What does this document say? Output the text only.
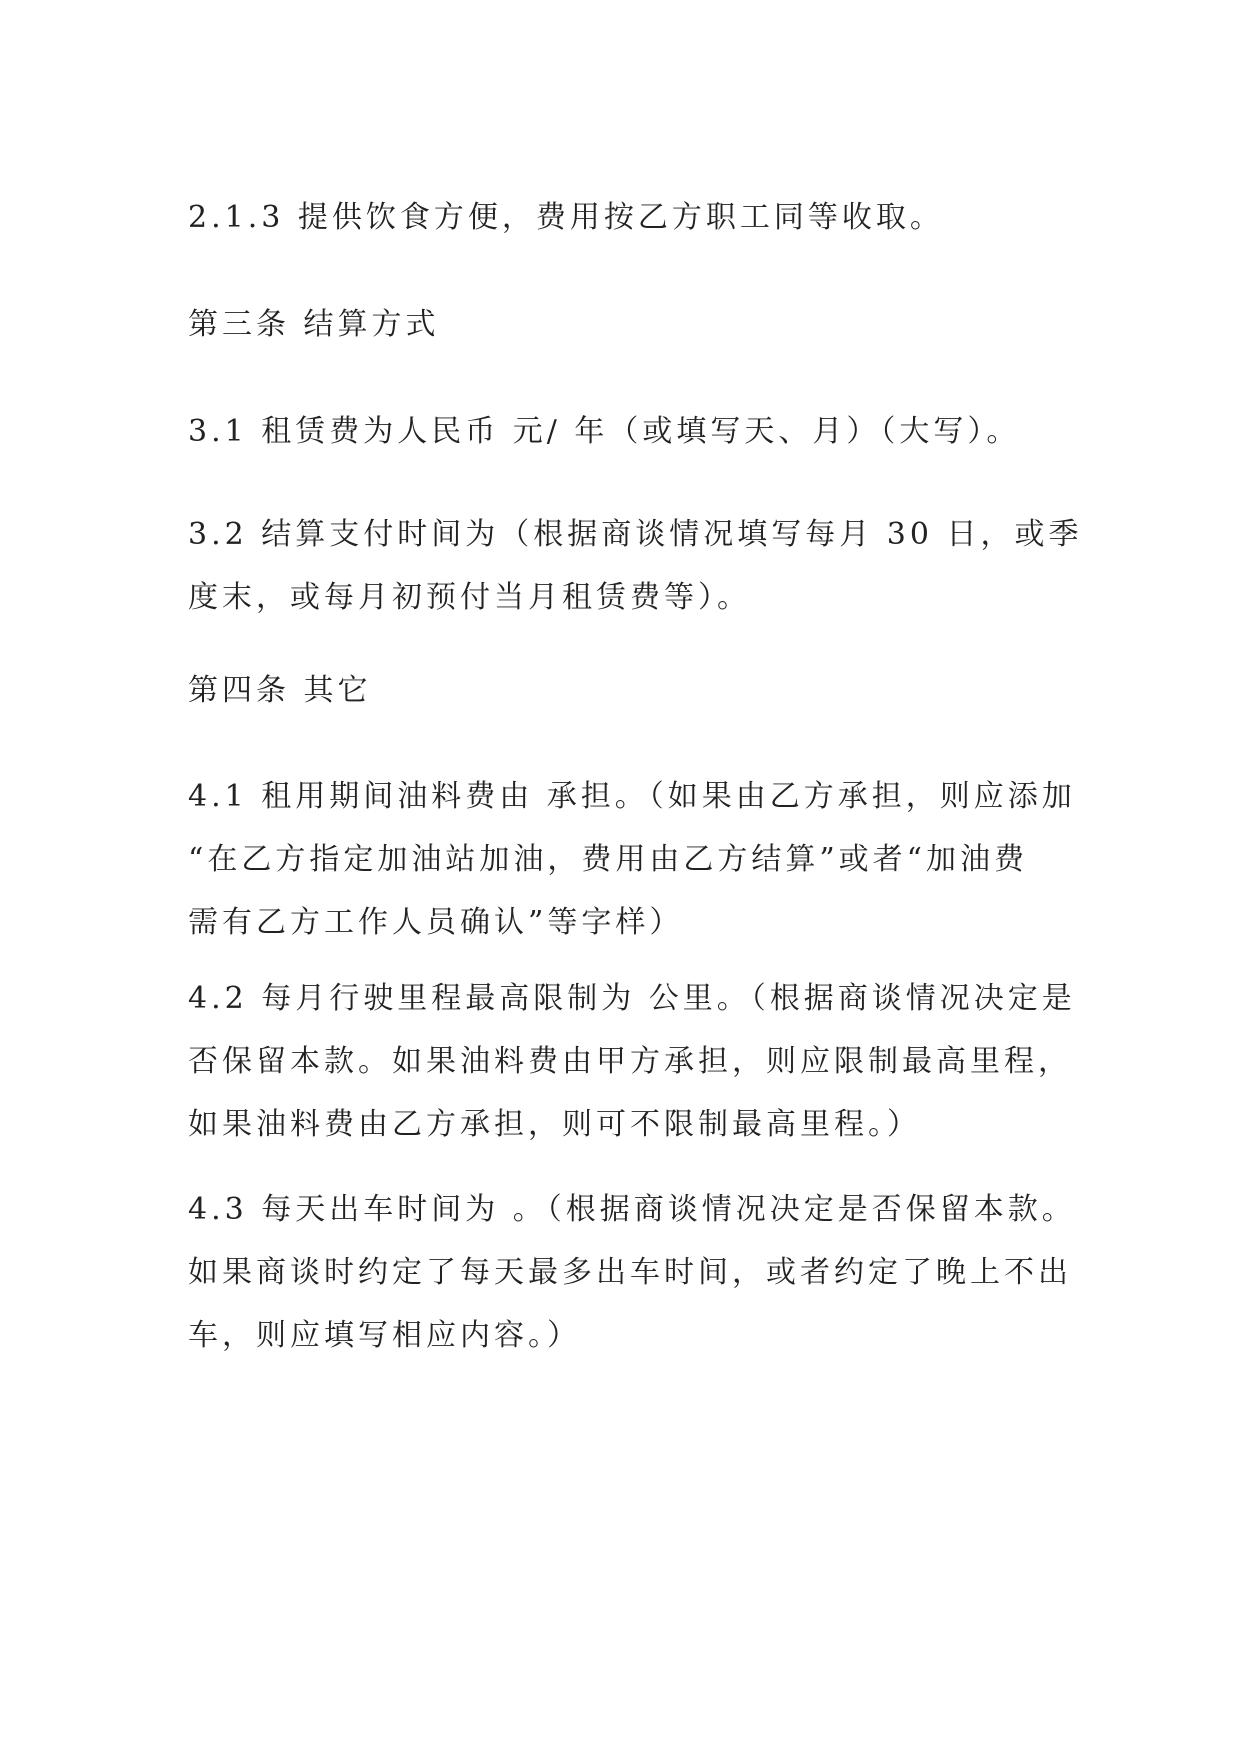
2.1.3 提供饮食方便，费用按乙方职工同等收取。

第三条 结算方式

3.1 租赁费为人民币 元/ 年（或填写天、月）（大写）。

3.2 结算支付时间为（根据商谈情况填写每月 30 日，或季
度末，或每月初预付当月租赁费等）。

第四条 其它

4.1 租用期间油料费由 承担。（如果由乙方承担，则应添加
“在乙方指定加油站加油，费用由乙方结算”或者“加油费
需有乙方工作人员确认”等字样）

4.2 每月行驶里程最高限制为 公里。（根据商谈情况决定是
否保留本款。如果油料费由甲方承担，则应限制最高里程，
如果油料费由乙方承担，则可不限制最高里程。）

4.3 每天出车时间为 。（根据商谈情况决定是否保留本款。
如果商谈时约定了每天最多出车时间，或者约定了晚上不出
车，则应填写相应内容。）
